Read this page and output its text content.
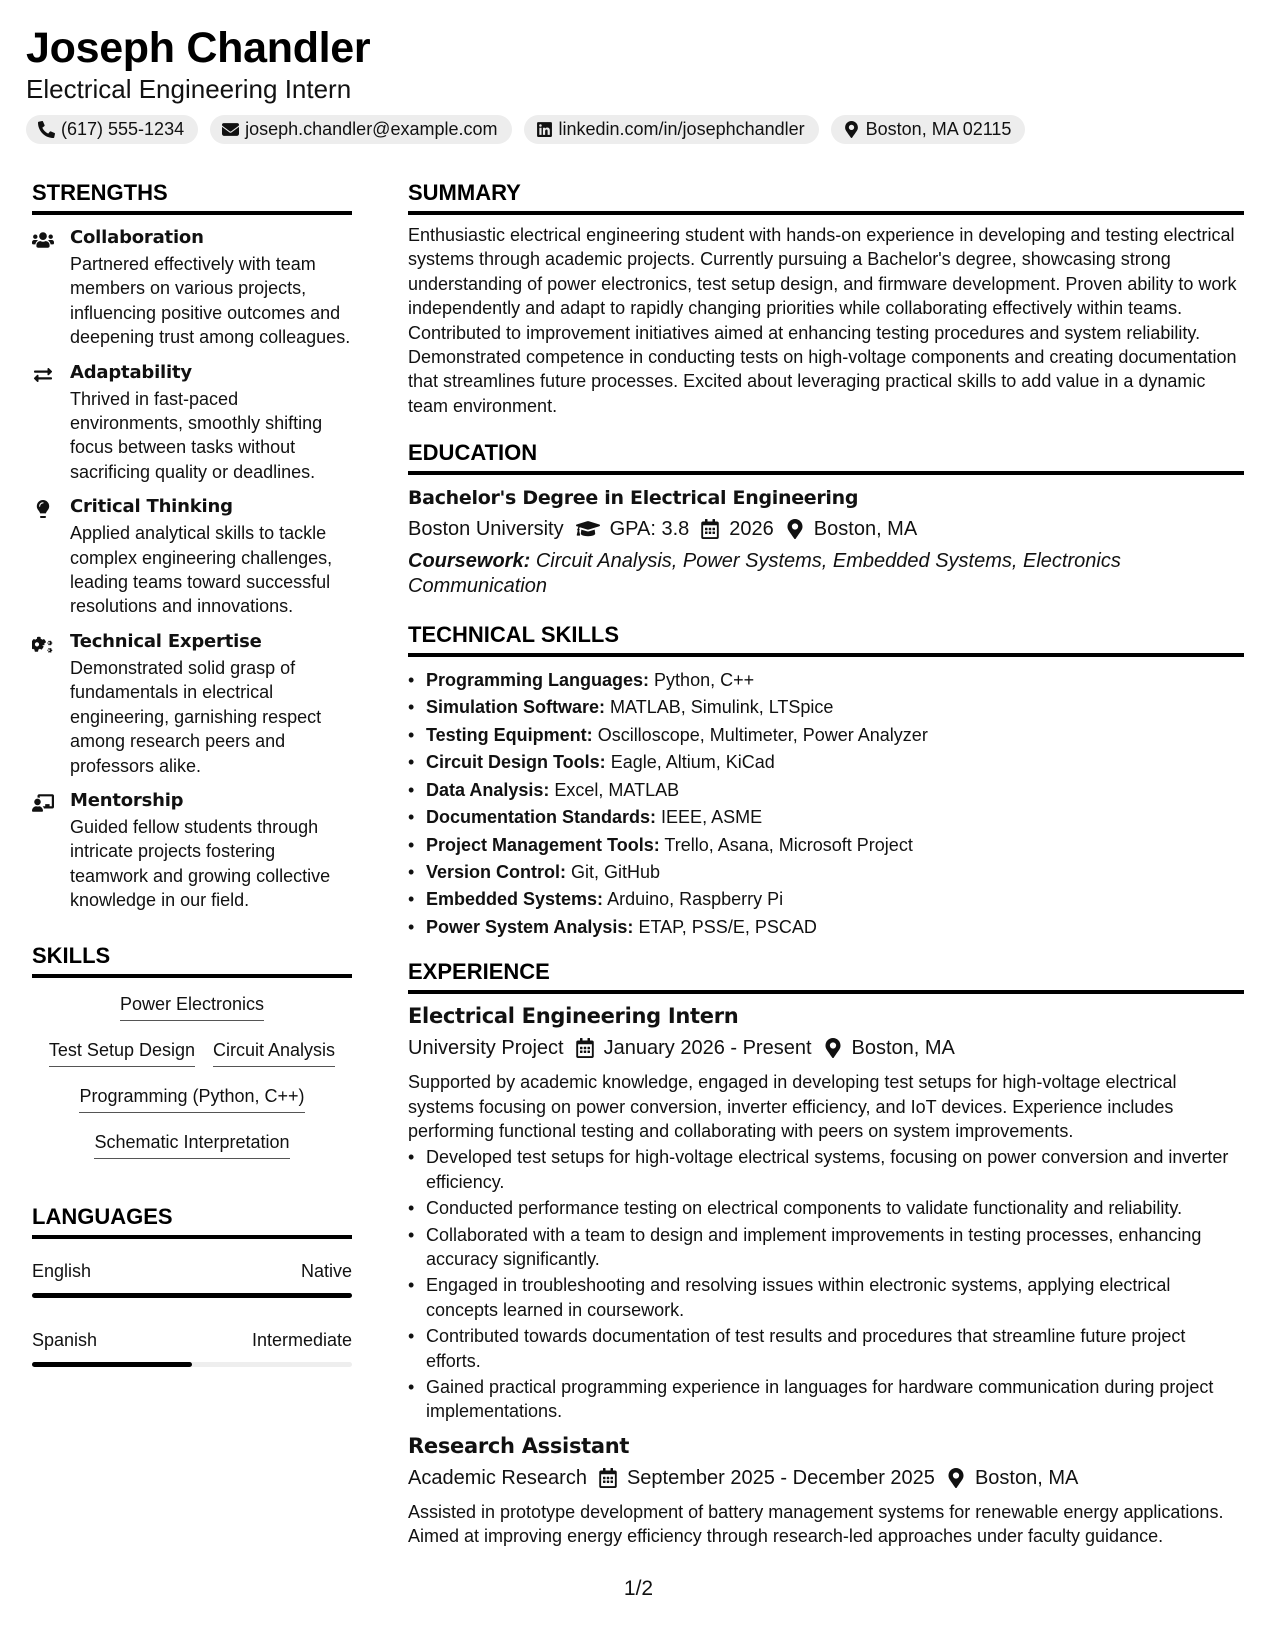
Joseph Chandler
Electrical Engineering Intern
(617) 555-1234	joseph.chandler@example.com	linkedin.com/in/josephchandler	Boston, MA 02115
STRENGTHS
Collaboration
Partnered effectively with team members on various projects, influencing positive outcomes and deepening trust among colleagues.
Adaptability
Thrived in fast-paced environments, smoothly shifting focus between tasks without sacrificing quality or deadlines.
Critical Thinking
Applied analytical skills to tackle complex engineering challenges, leading teams toward successful resolutions and innovations.
Technical Expertise
Demonstrated solid grasp of fundamentals in electrical engineering, garnishing respect among research peers and professors alike.
Mentorship
Guided fellow students through intricate projects fostering teamwork and growing collective knowledge in our field.
SKILLS
Power Electronics
Test Setup Design Circuit Analysis
Programming (Python, C++)
Schematic Interpretation
LANGUAGES
English	Native
Spanish	Intermediate
SUMMARY
Enthusiastic electrical engineering student with hands-on experience in developing and testing electrical systems through academic projects. Currently pursuing a Bachelor's degree, showcasing strong understanding of power electronics, test setup design, and firmware development. Proven ability to work independently and adapt to rapidly changing priorities while collaborating effectively within teams. Contributed to improvement initiatives aimed at enhancing testing procedures and system reliability. Demonstrated competence in conducting tests on high-voltage components and creating documentation that streamlines future processes. Excited about leveraging practical skills to add value in a dynamic team environment.
EDUCATION
Bachelor's Degree in Electrical Engineering
Boston University GPA: 3.8 2026 Boston, MA
Coursework: Circuit Analysis, Power Systems, Embedded Systems, Electronics Communication
TECHNICAL SKILLS
• Programming Languages: Python, C++
• Simulation Software: MATLAB, Simulink, LTSpice
• Testing Equipment: Oscilloscope, Multimeter, Power Analyzer
• Circuit Design Tools: Eagle, Altium, KiCad
• Data Analysis: Excel, MATLAB
• Documentation Standards: IEEE, ASME
• Project Management Tools: Trello, Asana, Microsoft Project
• Version Control: Git, GitHub
• Embedded Systems: Arduino, Raspberry Pi
• Power System Analysis: ETAP, PSS/E, PSCAD
EXPERIENCE
Electrical Engineering Intern
University Project January 2026 - Present Boston, MA
Supported by academic knowledge, engaged in developing test setups for high-voltage electrical systems focusing on power conversion, inverter efficiency, and IoT devices. Experience includes performing functional testing and collaborating with peers on system improvements.
• Developed test setups for high-voltage electrical systems, focusing on power conversion and inverter efficiency.
• Conducted performance testing on electrical components to validate functionality and reliability.
• Collaborated with a team to design and implement improvements in testing processes, enhancing accuracy significantly.
• Engaged in troubleshooting and resolving issues within electronic systems, applying electrical concepts learned in coursework.
• Contributed towards documentation of test results and procedures that streamline future project efforts.
• Gained practical programming experience in languages for hardware communication during project implementations.
Research Assistant
Academic Research September 2025 - December 2025 Boston, MA
Assisted in prototype development of battery management systems for renewable energy applications. Aimed at improving energy efficiency through research-led approaches under faculty guidance.
1/2
